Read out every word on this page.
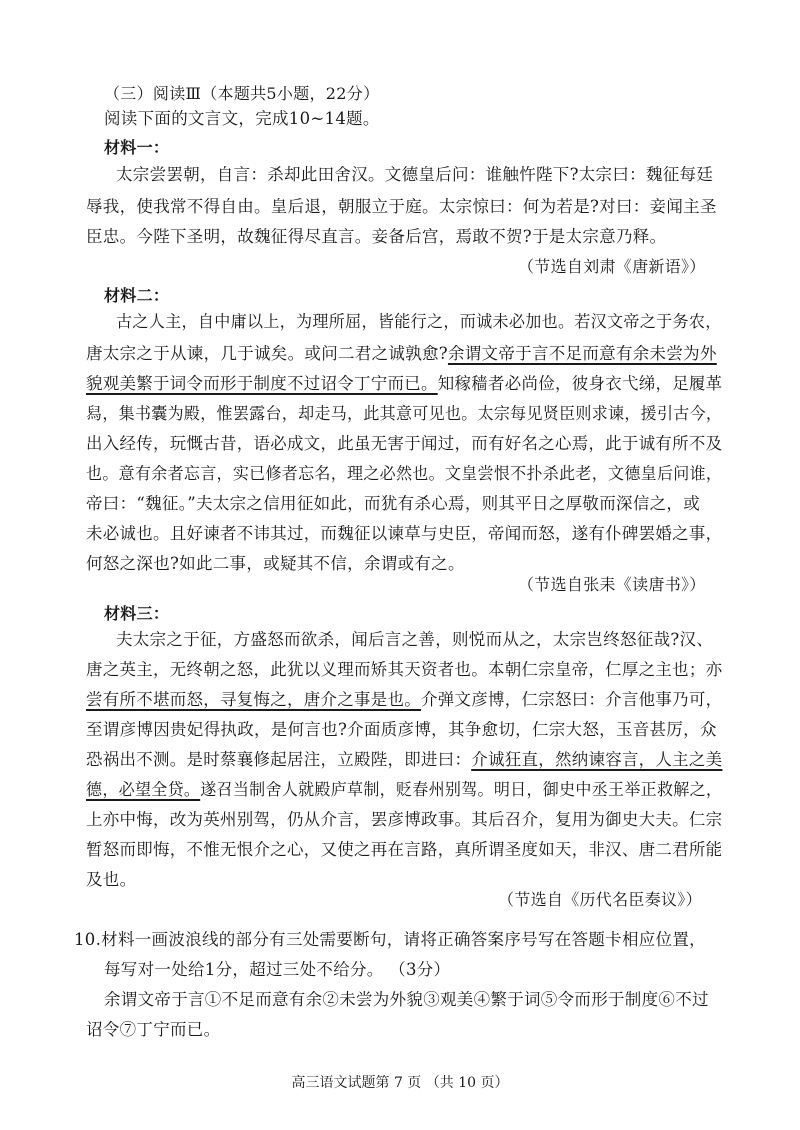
（三）阅读Ⅲ（本题共5小题，22分）
阅读下面的文言文，完成10~14题。
材料一：
太宗尝罢朝，自言：杀却此田舍汉。文德皇后问：谁触忤陛下?太宗曰：魏征每廷
辱我，使我常不得自由。皇后退，朝服立于庭。太宗惊曰：何为若是?对曰：妾闻主圣
臣忠。今陛下圣明，故魏征得尽直言。妾备后宫，焉敢不贺?于是太宗意乃释。
（节选自刘肃《唐新语》）
材料二：
古之人主，自中庸以上，为理所屈，皆能行之，而诚未必加也。若汉文帝之于务农，
唐太宗之于从谏，几于诚矣。或问二君之诚孰愈?余谓文帝于言不足而意有余未尝为外
貌观美繁于词令而形于制度不过诏令丁宁而已。知稼穑者必尚俭，彼身衣弋绨，足履革
舄，集书囊为殿，惟罢露台，却走马，此其意可见也。太宗每见贤臣则求谏，援引古今，
出入经传，玩慨古昔，语必成文，此虽无害于闻过，而有好名之心焉，此于诚有所不及
也。意有余者忘言，实已修者忘名，理之必然也。文皇尝恨不扑杀此老，文德皇后问谁，
帝曰：“魏征。”夫太宗之信用征如此，而犹有杀心焉，则其平日之厚敬而深信之，或
未必诚也。且好谏者不讳其过，而魏征以谏草与史臣，帝闻而怒，遂有仆碑罢婚之事，
何怒之深也?如此二事，或疑其不信，余谓或有之。
（节选自张耒《读唐书》）
材料三：
夫太宗之于征，方盛怒而欲杀，闻后言之善，则悦而从之，太宗岂终怒征哉?汉、
唐之英主，无终朝之怒，此犹以义理而矫其天资者也。本朝仁宗皇帝，仁厚之主也；亦
尝有所不堪而怒，寻复悔之，唐介之事是也。介弹文彦博，仁宗怒曰：介言他事乃可，
至谓彦博因贵妃得执政，是何言也?介面质彦博，其争愈切，仁宗大怒，玉音甚厉，众
恐祸出不测。是时蔡襄修起居注，立殿陛，即进曰：介诚狂直，然纳谏容言，人主之美
德，必望全贷。遂召当制舍人就殿庐草制，贬春州别驾。明日，御史中丞王举正救解之，
上亦中悔，改为英州别驾，仍从介言，罢彦博政事。其后召介，复用为御史大夫。仁宗
暂怒而即悔，不惟无恨介之心，又使之再在言路，真所谓圣度如天，非汉、唐二君所能
及也。
（节选自《历代名臣奏议》）
10.材料一画波浪线的部分有三处需要断句，请将正确答案序号写在答题卡相应位置，
每写对一处给1分，超过三处不给分。 （3分）
余谓文帝于言①不足而意有余②未尝为外貌③观美④繁于词⑤令而形于制度⑥不过
诏令⑦丁宁而已。
高三语文试题第 7 页 （共 10 页）
